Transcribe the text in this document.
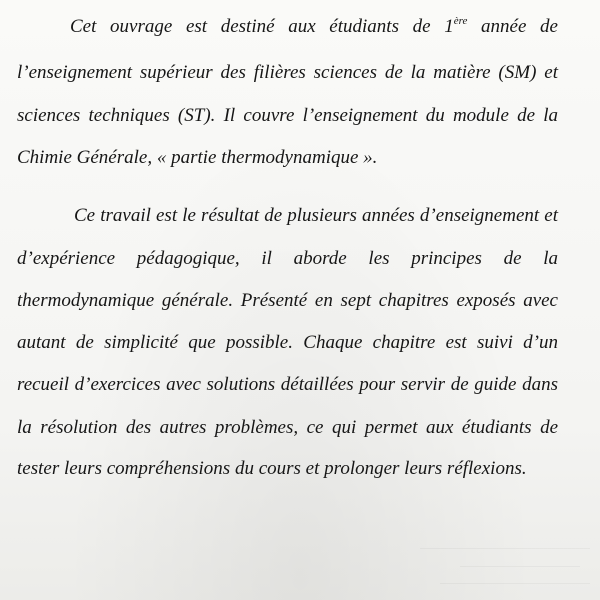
Cet ouvrage est destiné aux étudiants de 1ère année de
l’enseignement supérieur des filières sciences de la matière (SM) et
sciences techniques (ST). Il couvre l’enseignement du module de la
Chimie Générale, « partie thermodynamique ».
Ce travail est le résultat de plusieurs années d’enseignement et
d’expérience pédagogique, il aborde les principes de la
thermodynamique générale. Présenté en sept chapitres exposés avec
autant de simplicité que possible. Chaque chapitre est suivi d’un
recueil d’exercices avec solutions détaillées pour servir de guide dans
la résolution des autres problèmes, ce qui permet aux étudiants de
tester leurs compréhensions du cours et prolonger leurs réflexions.
